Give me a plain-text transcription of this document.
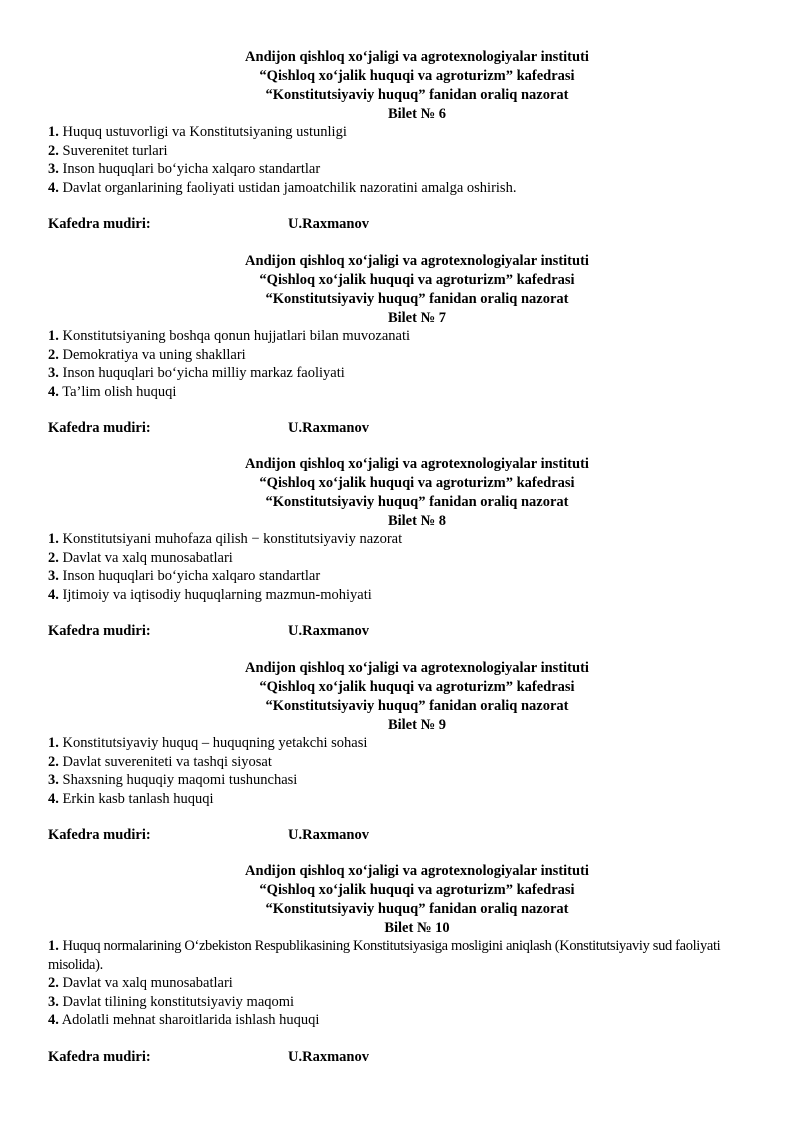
Andijon qishloq xo‘jaligi va agrotexnologiyalar instituti
“Qishloq xo‘jalik huquqi va agroturizm” kafedrasi
“Konstitutsiyaviy huquq” fanidan oraliq nazorat
Bilet № 6
1. Huquq ustuvorligi va Konstitutsiyaning ustunligi
2. Suverenitet turlari
3. Inson huquqlari bo‘yicha xalqaro standartlar
4. Davlat organlarining faoliyati ustidan jamoatchilik nazoratini amalga oshirish.
Kafedra mudiri:	U.Raxmanov
Andijon qishloq xo‘jaligi va agrotexnologiyalar instituti
“Qishloq xo‘jalik huquqi va agroturizm” kafedrasi
“Konstitutsiyaviy huquq” fanidan oraliq nazorat
Bilet № 7
1. Konstitutsiyaning boshqa qonun hujjatlari bilan muvozanati
2. Demokratiya va uning shakllari
3. Inson huquqlari bo‘yicha milliy markaz faoliyati
4. Ta’lim olish huquqi
Kafedra mudiri:	U.Raxmanov
Andijon qishloq xo‘jaligi va agrotexnologiyalar instituti
“Qishloq xo‘jalik huquqi va agroturizm” kafedrasi
“Konstitutsiyaviy huquq” fanidan oraliq nazorat
Bilet № 8
1. Konstitutsiyani muhofaza qilish − konstitutsiyaviy nazorat
2. Davlat va xalq munosabatlari
3. Inson huquqlari bo‘yicha xalqaro standartlar
4. Ijtimoiy va iqtisodiy huquqlarning mazmun-mohiyati
Kafedra mudiri:	U.Raxmanov
Andijon qishloq xo‘jaligi va agrotexnologiyalar instituti
“Qishloq xo‘jalik huquqi va agroturizm” kafedrasi
“Konstitutsiyaviy huquq” fanidan oraliq nazorat
Bilet № 9
1. Konstitutsiyaviy huquq – huquqning yetakchi sohasi
2. Davlat suvereniteti va tashqi siyosat
3. Shaxsning huquqiy maqomi tushunchasi
4. Erkin kasb tanlash huquqi
Kafedra mudiri:	U.Raxmanov
Andijon qishloq xo‘jaligi va agrotexnologiyalar instituti
“Qishloq xo‘jalik huquqi va agroturizm” kafedrasi
“Konstitutsiyaviy huquq” fanidan oraliq nazorat
Bilet № 10
1. Huquq normalarining O‘zbekiston Respublikasining Konstitutsiyasiga mosligini aniqlash (Konstitutsiyaviy sud faoliyati misolida).
2. Davlat va xalq munosabatlari
3. Davlat tilining konstitutsiyaviy maqomi
4. Adolatli mehnat sharoitlarida ishlash huquqi
Kafedra mudiri:	U.Raxmanov
